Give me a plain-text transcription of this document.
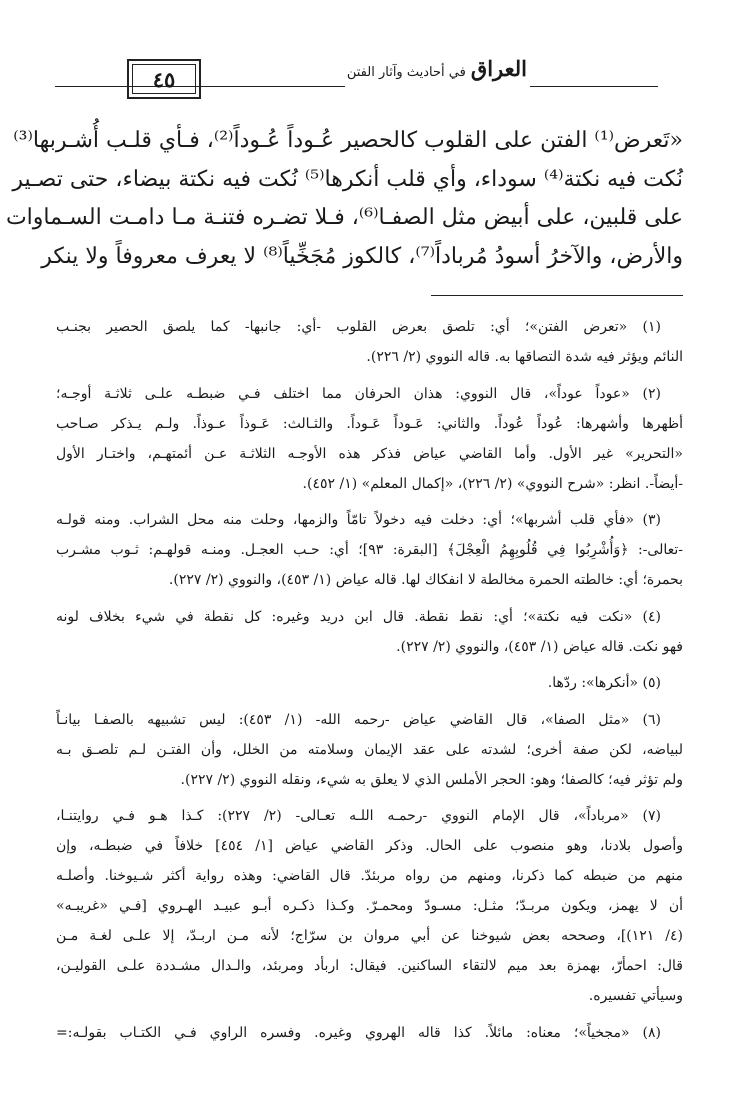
العراق في أحاديث وآثار الفتن
٤٥
«تَعرض⁽¹⁾ الفتن على القلوب كالحصير عُـوداً عُـوداً⁽²⁾، فـأي قلـب أُشـربها⁽³⁾
نُكت فيه نكتة⁽⁴⁾ سوداء، وأي قلب أنكرها⁽⁵⁾ نُكت فيه نكتة بيضاء، حتى تصـير
على قلبين، على أبيض مثل الصفـا⁽⁶⁾، فـلا تضـره فتنـة مـا دامـت السـماوات
والأرض، والآخرُ أسودُ مُرباداً⁽⁷⁾، كالكوز مُجَخِّياً⁽⁸⁾ لا يعرف معروفاً ولا ينكر
(١) «تعرض الفتن»؛ أي: تلصق بعرض القلوب -أي: جانبها- كما يلصق الحصير بجنـب
النائم ويؤثر فيه شدة التصاقها به. قاله النووي (٢/ ٢٢٦).
(٢) «عوداً عوداً»، قال النووي: هذان الحرفان مما اختلف فـي ضبطـه علـى ثلاثـة أوجـه؛
أظهرها وأشهرها: عُوداً عُوداً. والثاني: عَـوداً عَـوداً. والثـالث: عَـوذاً عـوذاً. ولـم يـذكر صـاحب
«التحرير» غير الأول. وأما القاضي عياض فذكر هذه الأوجـه الثلاثـة عـن أئمتهـم، واختـار الأول
-أيضاً-. انظر: «شرح النووي» (٢/ ٢٢٦)، «إكمال المعلم» (١/ ٤٥٢).
(٣) «فأي قلب أشربها»؛ أي: دخلت فيه دخولاً تامّاً والزمها، وحلت منه محل الشراب. ومنه قولـه
-تعالى-: ﴿وَأُشْرِبُوا فِي قُلُوبِهِمُ الْعِجْلَ﴾ [البقرة: ٩٣]؛ أي: حـب العجـل. ومنـه قولهـم: ثـوب مشـرب
بحمرة؛ أي: خالطته الحمرة مخالطة لا انفكاك لها. قاله عياض (١/ ٤٥٣)، والنووي (٢/ ٢٢٧).
(٤) «نكت فيه نكتة»؛ أي: نقط نقطة. قال ابن دريد وغيره: كل نقطة في شيء بخلاف لونه
فهو نكت. قاله عياض (١/ ٤٥٣)، والنووي (٢/ ٢٢٧).
(٥) «أنكرها»: ردّها.
(٦) «مثل الصفا»، قال القاضي عياض -رحمه الله- (١/ ٤٥٣): ليس تشبيهه بالصفـا بيانـاً
لبياضه، لكن صفة أخرى؛ لشدته على عقد الإيمان وسلامته من الخلل، وأن الفتـن لـم تلصـق بـه
ولم تؤثر فيه؛ كالصفا؛ وهو: الحجر الأملس الذي لا يعلق به شيء، ونقله النووي (٢/ ٢٢٧).
(٧) «مرباداً»، قال الإمام النووي -رحمـه اللـه تعـالى- (٢/ ٢٢٧): كـذا هـو فـي روايتنـا،
وأصول بلادنا، وهو منصوب على الحال. وذكر القاضي عياض [١/ ٤٥٤] خلافاً في ضبطـه، وإن
منهم من ضبطه كما ذكرنا، ومنهم من رواه مربئدّ. قال القاضي: وهذه رواية أكثر شـيوخنا. وأصلـه
أن لا يهمز، ويكون مربـدّ؛ مثـل: مسـودّ ومحمـرّ. وكـذا ذكـره أبـو عبيـد الهـروي [فـي «غريبـه»
(٤/ ١٢١)]، وصححه بعض شيوخنا عن أبي مروان بن سرّاج؛ لأنه مـن اربـدّ، إلا علـى لغـة مـن
قال: احمأرّ، بهمزة بعد ميم لالتقاء الساكنين. فيقال: اربأد ومربئد، والـدال مشـددة علـى القوليـن،
وسيأتي تفسيره.
(٨) «مجخياً»؛ معناه: مائلاً. كذا قاله الهروي وغيره. وفسره الراوي فـي الكتـاب بقولـه:=
